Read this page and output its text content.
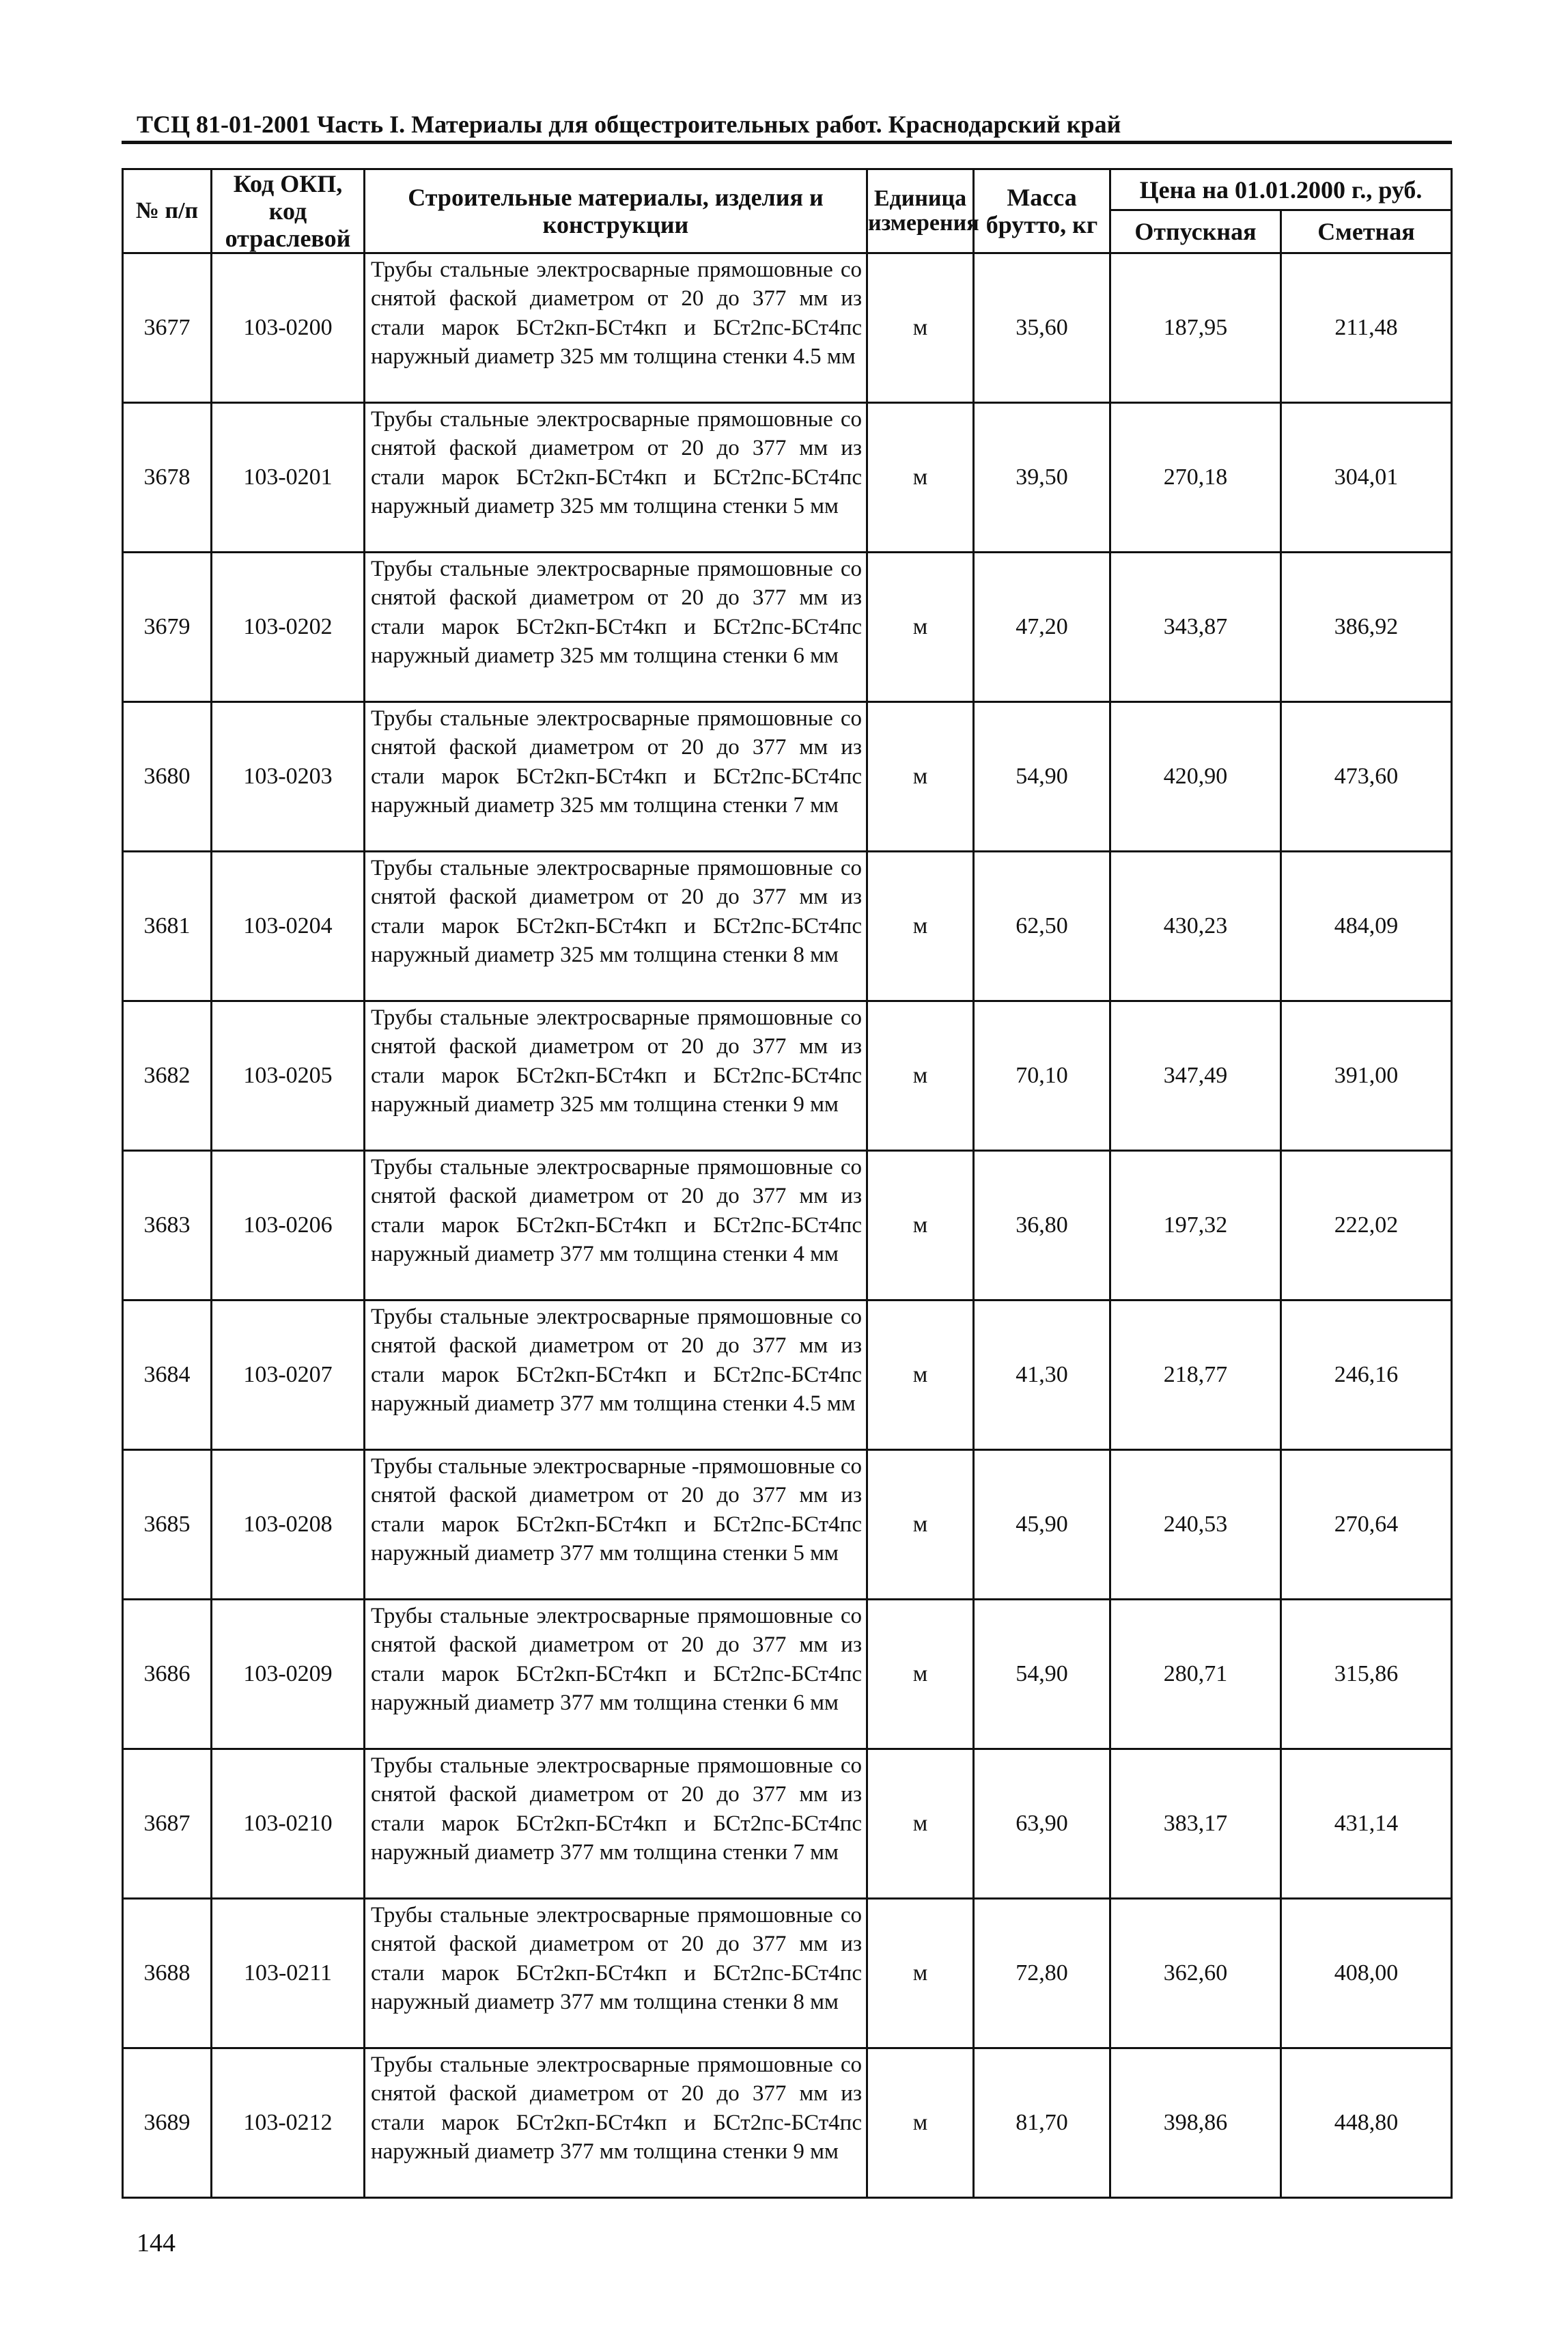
ТСЦ 81-01-2001 Часть I. Материалы для общестроительных работ. Краснодарский край
№ п/п	Код ОКП, код отраслевой	Строительные материалы, изделия и конструкции	Единица измерения	Масса брутто, кг	Цена на 01.01.2000 г., руб.	
					Отпускная	Сметная
3677	103-0200	Трубы стальные электросварные прямошовные со снятой фаской диаметром от 20 до 377 мм из стали марок БСт2кп-БСт4кп и БСт2пс-БСт4пс наружный диаметр 325 мм толщина стенки 4.5 мм	м	35,60	187,95	211,48
3678	103-0201	Трубы стальные электросварные прямошовные со снятой фаской диаметром от 20 до 377 мм из стали марок БСт2кп-БСт4кп и БСт2пс-БСт4пс наружный диаметр 325 мм толщина стенки 5 мм	м	39,50	270,18	304,01
3679	103-0202	Трубы стальные электросварные прямошовные со снятой фаской диаметром от 20 до 377 мм из стали марок БСт2кп-БСт4кп и БСт2пс-БСт4пс наружный диаметр 325 мм толщина стенки 6 мм	м	47,20	343,87	386,92
3680	103-0203	Трубы стальные электросварные прямошовные со снятой фаской диаметром от 20 до 377 мм из стали марок БСт2кп-БСт4кп и БСт2пс-БСт4пс наружный диаметр 325 мм толщина стенки 7 мм	м	54,90	420,90	473,60
3681	103-0204	Трубы стальные электросварные прямошовные со снятой фаской диаметром от 20 до 377 мм из стали марок БСт2кп-БСт4кп и БСт2пс-БСт4пс наружный диаметр 325 мм толщина стенки 8 мм	м	62,50	430,23	484,09
3682	103-0205	Трубы стальные электросварные прямошовные со снятой фаской диаметром от 20 до 377 мм из стали марок БСт2кп-БСт4кп и БСт2пс-БСт4пс наружный диаметр 325 мм толщина стенки 9 мм	м	70,10	347,49	391,00
3683	103-0206	Трубы стальные электросварные прямошовные со снятой фаской диаметром от 20 до 377 мм из стали марок БСт2кп-БСт4кп и БСт2пс-БСт4пс наружный диаметр 377 мм толщина стенки 4 мм	м	36,80	197,32	222,02
3684	103-0207	Трубы стальные электросварные прямошовные со снятой фаской диаметром от 20 до 377 мм из стали марок БСт2кп-БСт4кп и БСт2пс-БСт4пс наружный диаметр 377 мм толщина стенки 4.5 мм	м	41,30	218,77	246,16
3685	103-0208	Трубы стальные электросварные -прямошовные со снятой фаской диаметром от 20 до 377 мм из стали марок БСт2кп-БСт4кп и БСт2пс-БСт4пс наружный диаметр 377 мм толщина стенки 5 мм	м	45,90	240,53	270,64
3686	103-0209	Трубы стальные электросварные прямошовные со снятой фаской диаметром от 20 до 377 мм из стали марок БСт2кп-БСт4кп и БСт2пс-БСт4пс наружный диаметр 377 мм толщина стенки 6 мм	м	54,90	280,71	315,86
3687	103-0210	Трубы стальные электросварные прямошовные со снятой фаской диаметром от 20 до 377 мм из стали марок БСт2кп-БСт4кп и БСт2пс-БСт4пс наружный диаметр 377 мм толщина стенки 7 мм	м	63,90	383,17	431,14
3688	103-0211	Трубы стальные электросварные прямошовные со снятой фаской диаметром от 20 до 377 мм из стали марок БСт2кп-БСт4кп и БСт2пс-БСт4пс наружный диаметр 377 мм толщина стенки 8 мм	м	72,80	362,60	408,00
3689	103-0212	Трубы стальные электросварные прямошовные со снятой фаской диаметром от 20 до 377 мм из стали марок БСт2кп-БСт4кп и БСт2пс-БСт4пс наружный диаметр 377 мм толщина стенки 9 мм	м	81,70	398,86	448,80
144
